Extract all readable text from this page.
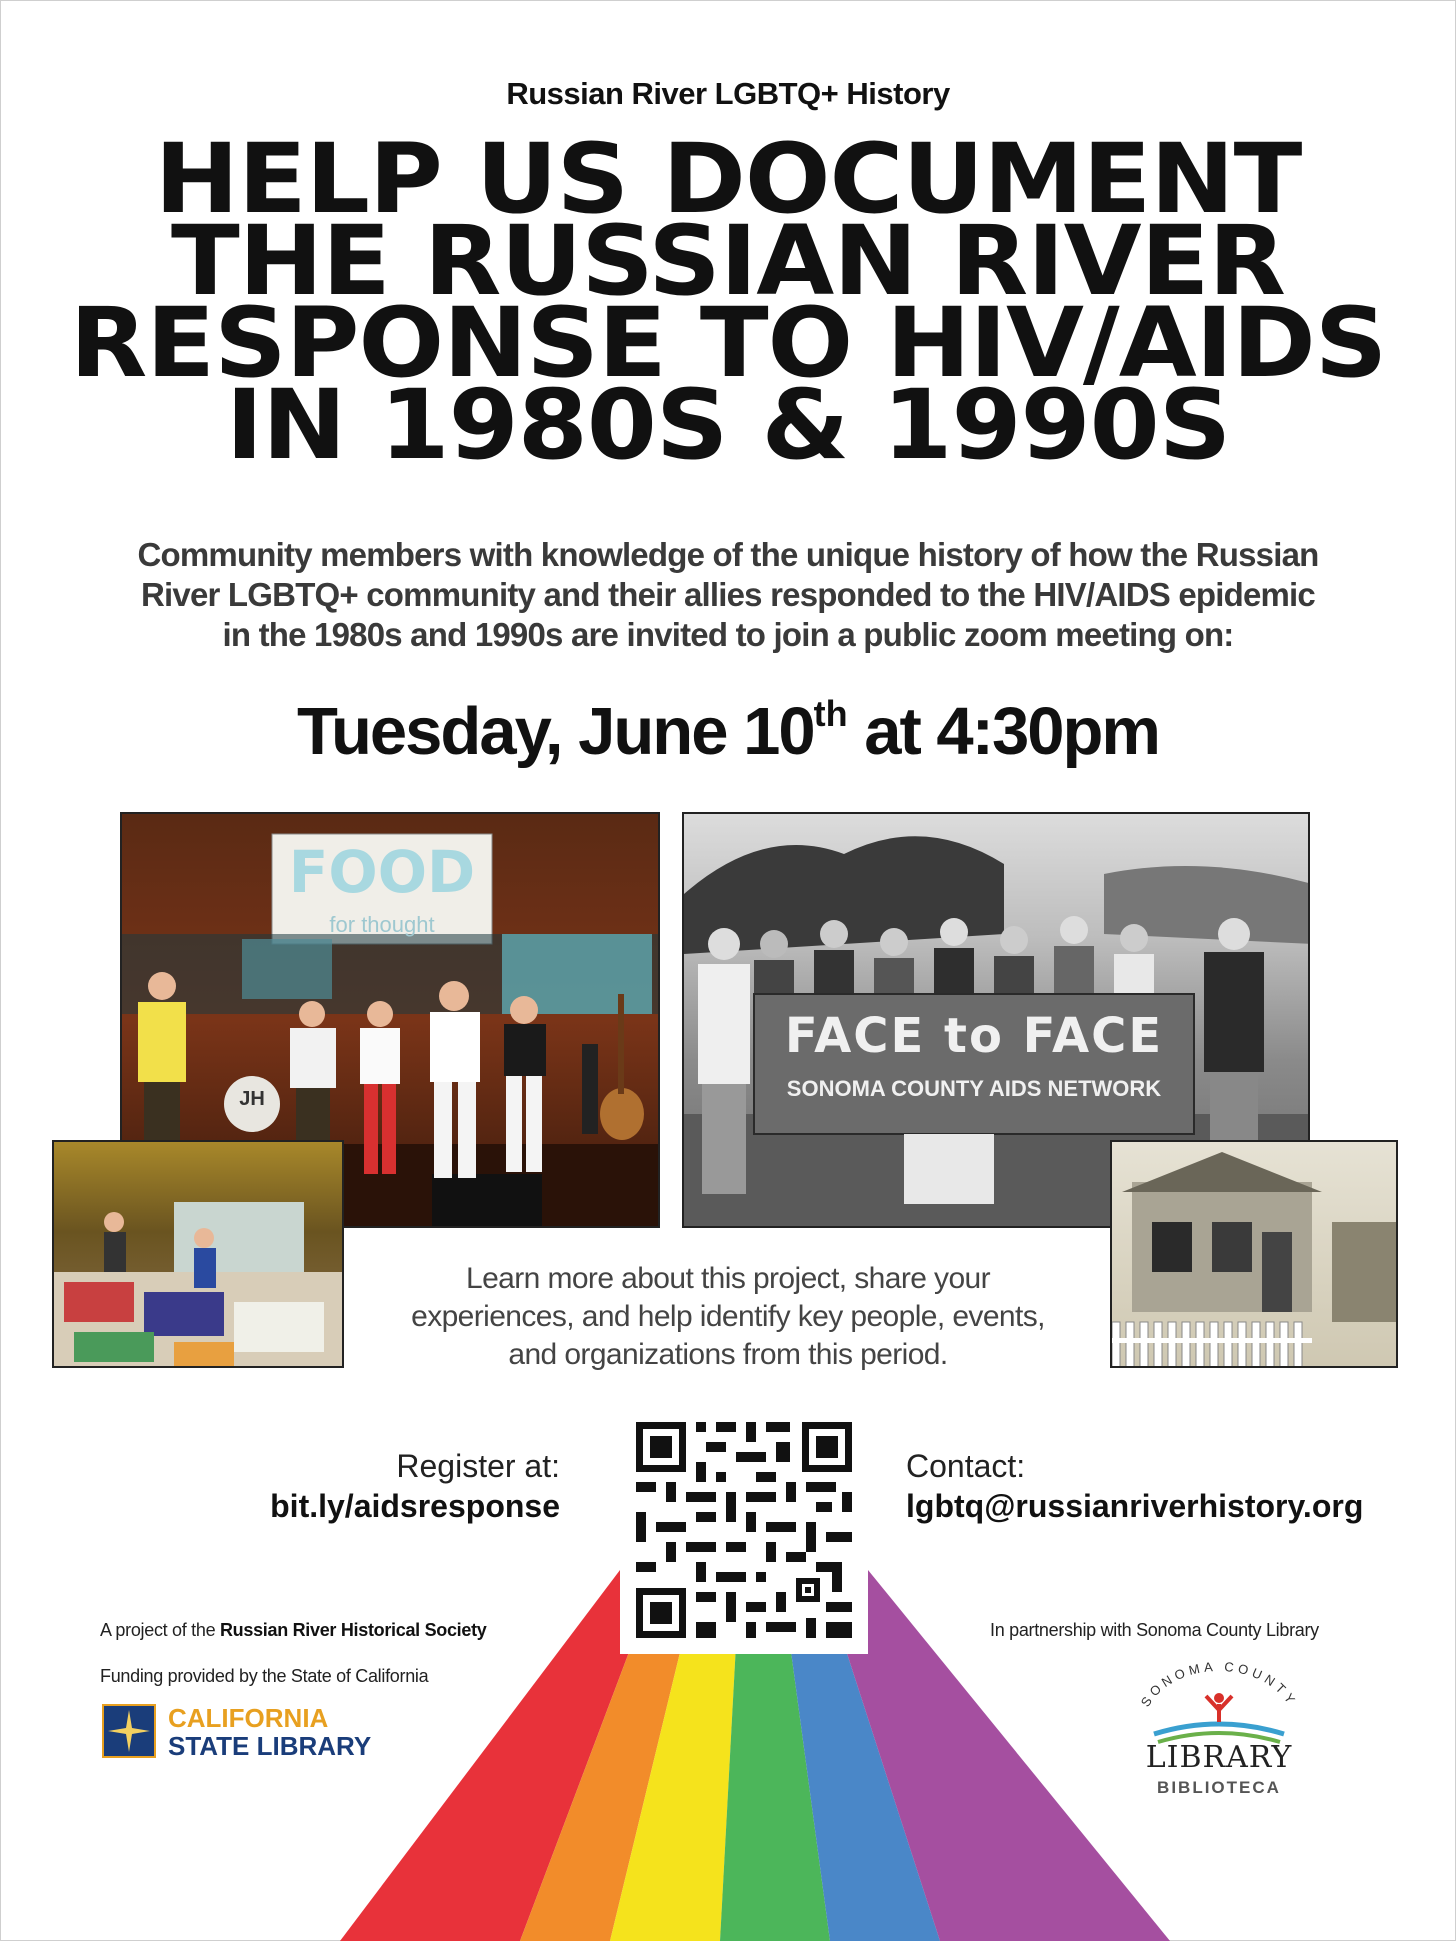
Russian River LGBTQ+ History
HELP US DOCUMENT
THE RUSSIAN RIVER
RESPONSE TO HIV/AIDS
IN 1980S & 1990S
Community members with knowledge of the unique history of how the Russian
River LGBTQ+ community and their allies responded to the HIV/AIDS epidemic
in the 1980s and 1990s are invited to join a public zoom meeting on:
Tuesday, June 10th at 4:30pm
FOOD
for thought
JH
FACE to FACE
SONOMA COUNTY AIDS NETWORK
Learn more about this project, share your
experiences, and help identify key people, events,
and organizations from this period.
Register at:
bit.ly/aidsresponse
Contact:
lgbtq@russianriverhistory.org
A project of the Russian River Historical Society
Funding provided by the State of California
In partnership with Sonoma County Library
CALIFORNIA
STATE LIBRARY
SONOMA COUNTY
LIBRARY
BIBLIOTECA
